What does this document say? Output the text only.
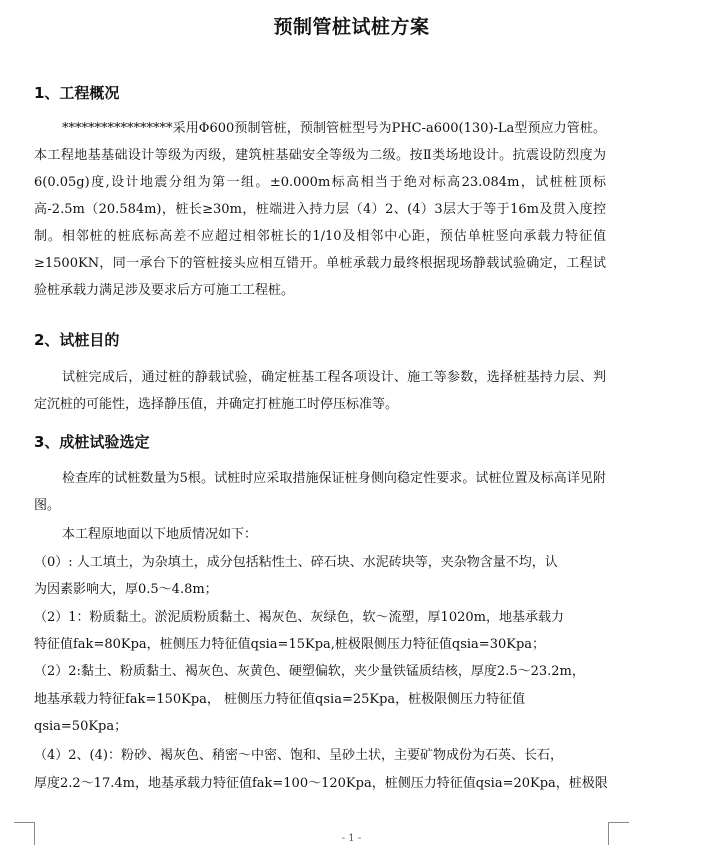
预制管桩试桩方案
1、工程概况

*****************采用Φ600预制管桩，预制管桩型号为PHC-a600(130)-La型预应力管桩。本工程地基基础设计等级为丙级，建筑桩基础安全等级为二级。按Ⅱ类场地设计。抗震设防烈度为6(0.05g)度,设计地震分组为第一组。±0.000m标高相当于绝对标高23.084m，试桩桩顶标高-2.5m（20.584m)，桩长≥30m，桩端进入持力层（4）2、(4）3层大于等于16m及贯入度控制。相邻桩的桩底标高差不应超过相邻桩长的1/10及相邻中心距，预估单桩竖向承载力特征值≥1500KN，同一承台下的管桩接头应相互错开。单桩承载力最终根据现场静载试验确定，工程试验桩承载力满足涉及要求后方可施工工程桩。

2、试桩目的

试桩完成后，通过桩的静载试验，确定桩基工程各项设计、施工等参数，选择桩基持力层、判定沉桩的可能性，选择静压值，并确定打桩施工时停压标准等。

3、成桩试验选定

检查库的试桩数量为5根。试桩时应采取措施保证桩身侧向稳定性要求。试桩位置及标高详见附图。

本工程原地面以下地质情况如下：

（0）: 人工填土，为杂填土，成分包括粘性土、碎石块、水泥砖块等，夹杂物含量不均，认
为因素影响大，厚0.5～4.8m；
（2）1：粉质黏土。淤泥质粉质黏土、褐灰色、灰绿色，软～流塑，厚1020m，地基承载力
特征值fak=80Kpa，桩侧压力特征值qsia=15Kpa,桩极限侧压力特征值qsia=30Kpa；
（2）2:黏土、粉质黏土、褐灰色、灰黄色、硬塑偏软，夹少量铁锰质结核，厚度2.5～23.2m，
地基承载力特征fak=150Kpa， 桩侧压力特征值qsia=25Kpa，桩极限侧压力特征值
qsia=50Kpa；
（4）2、(4)：粉砂、褐灰色、稍密～中密、饱和、呈砂土状，主要矿物成份为石英、长石，
厚度2.2～17.4m，地基承载力特征值fak=100～120Kpa，桩侧压力特征值qsia=20Kpa，桩极限
- 1 -
